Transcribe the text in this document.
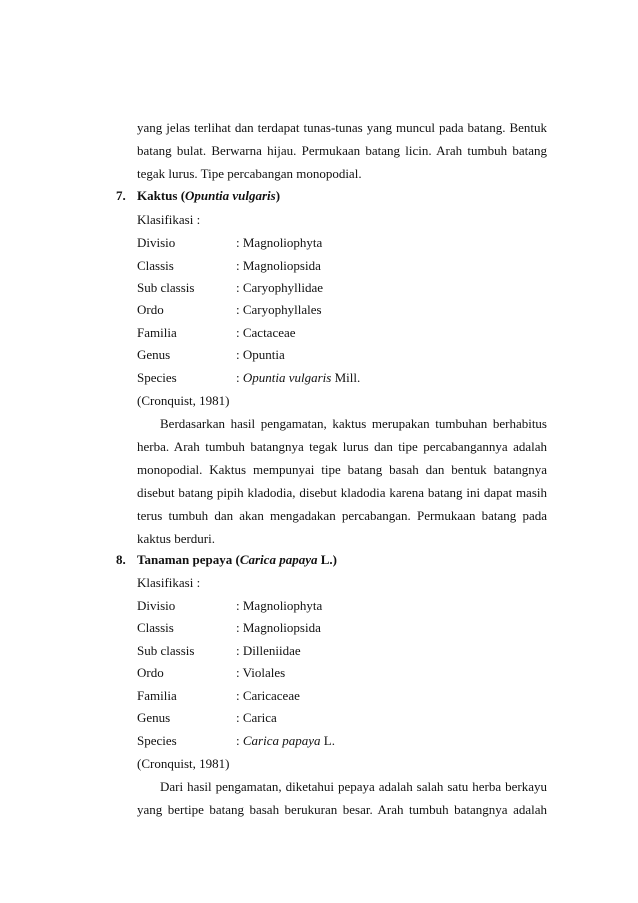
yang jelas terlihat dan terdapat tunas-tunas yang muncul pada batang. Bentuk
batang bulat. Berwarna hijau. Permukaan batang licin. Arah tumbuh batang
tegak lurus. Tipe percabangan monopodial.
7. Kaktus (Opuntia vulgaris)
Klasifikasi :
Divisio	: Magnoliophyta
Classis	: Magnoliopsida
Sub classis	: Caryophyllidae
Ordo	: Caryophyllales
Familia	: Cactaceae
Genus	: Opuntia
Species	: Opuntia vulgaris Mill.
(Cronquist, 1981)
Berdasarkan hasil pengamatan, kaktus merupakan tumbuhan berhabitus
herba. Arah tumbuh batangnya tegak lurus dan tipe percabangannya adalah
monopodial. Kaktus mempunyai tipe batang basah dan bentuk batangnya
disebut batang pipih kladodia, disebut kladodia karena batang ini dapat masih
terus tumbuh dan akan mengadakan percabangan. Permukaan batang pada
kaktus berduri.
8. Tanaman pepaya (Carica papaya L.)
Klasifikasi :
Divisio	: Magnoliophyta
Classis	: Magnoliopsida
Sub classis	: Dilleniidae
Ordo	: Violales
Familia	: Caricaceae
Genus	: Carica
Species	: Carica papaya L.
(Cronquist, 1981)
Dari hasil pengamatan, diketahui pepaya adalah salah satu herba berkayu
yang bertipe batang basah berukuran besar. Arah tumbuh batangnya adalah
